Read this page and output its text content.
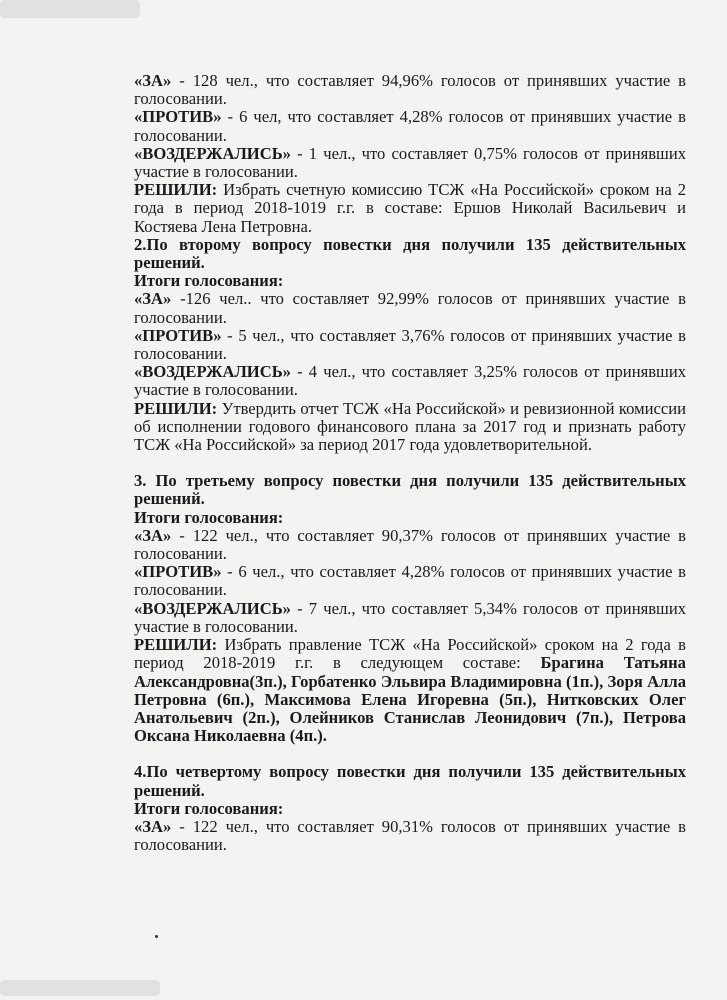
«ЗА» - 128 чел., что составляет 94,96% голосов от принявших участие в голосовании.

«ПРОТИВ» - 6 чел, что составляет 4,28% голосов от принявших участие в голосовании.

«ВОЗДЕРЖАЛИСЬ» - 1 чел., что составляет 0,75% голосов от принявших участие в голосовании.

РЕШИЛИ: Избрать счетную комиссию ТСЖ «На Российской» сроком на 2 года в период 2018-1019 г.г. в составе: Ершов Николай Васильевич и Костяева Лена Петровна.

2.По второму вопросу повестки дня получили 135 действительных решений.

Итоги голосования:

«ЗА» -126 чел.. что составляет 92,99% голосов от принявших участие в голосовании.

«ПРОТИВ» - 5 чел., что составляет 3,76% голосов от принявших участие в голосовании.

«ВОЗДЕРЖАЛИСЬ» - 4 чел., что составляет 3,25% голосов от принявших участие в голосовании.

РЕШИЛИ: Утвердить отчет ТСЖ «На Российской» и ревизионной комиссии об исполнении годового финансового плана за 2017 год и признать работу ТСЖ «На Российской» за период 2017 года удовлетворительной.

3. По третьему вопросу повестки дня получили 135 действительных решений.

Итоги голосования:

«ЗА» - 122 чел., что составляет 90,37% голосов от принявших участие в голосовании.

«ПРОТИВ» - 6 чел., что составляет 4,28% голосов от принявших участие в голосовании.

«ВОЗДЕРЖАЛИСЬ» - 7 чел., что составляет 5,34% голосов от принявших участие в голосовании.

РЕШИЛИ: Избрать правление ТСЖ «На Российской» сроком на 2 года в период 2018-2019 г.г. в следующем составе: Брагина Татьяна Александровна(3п.), Горбатенко Эльвира Владимировна (1п.), Зоря Алла Петровна (6п.), Максимова Елена Игоревна (5п.), Нитковских Олег Анатольевич (2п.), Олейников Станислав Леонидович (7п.), Петрова Оксана Николаевна (4п.).

4.По четвертому вопросу повестки дня получили 135 действительных решений.

Итоги голосования:

«ЗА» - 122 чел., что составляет 90,31% голосов от принявших участие в голосовании.
